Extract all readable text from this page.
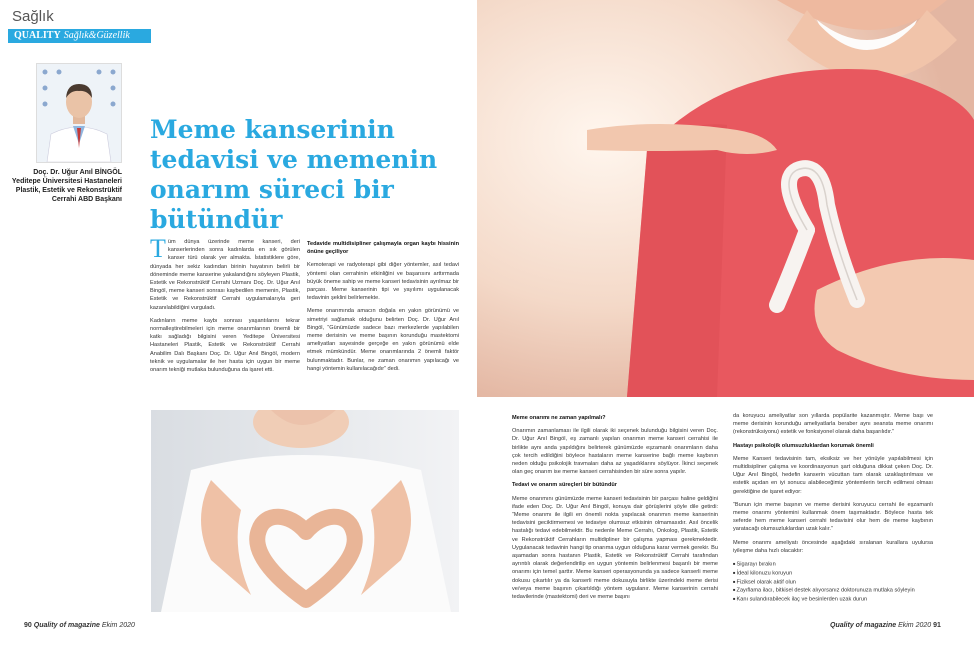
Sağlık
QUALITY Sağlık&Güzellik
Doç. Dr. Uğur Anıl BİNGÖL
Yeditepe Üniversitesi Hastaneleri Plastik, Estetik ve Rekonstrüktif Cerrahi ABD Başkanı
Meme kanserinin tedavisi ve memenin onarım süreci bir bütündür

Tüm dünya üzerinde meme kanseri, deri kanserlerinden sonra kadınlarda en sık görülen kanser türü olarak yer almakta. İstatistiklere göre, dünyada her sekiz kadından birinin hayatının belirli bir döneminde meme kanserine yakalandığını söyleyen Plastik, Estetik ve Rekonstrüktif Cerrahi Uzmanı Doç. Dr. Uğur Anıl Bingöl, meme kanseri sonrası kaybedilen memenin, Plastik, Estetik ve Rekonstrüktif Cerrahi uygulamalarıyla geri kazanılabildiğini vurguladı.

Kadınların meme kaybı sonrası yaşantılarını tekrar normalleştirebilmeleri için meme onarımlarının önemli bir katkı sağladığı bilgisini veren Yeditepe Üniversitesi Hastaneleri Plastik, Estetik ve Rekonstrüktif Cerrahi Anabilim Dalı Başkanı Doç. Dr. Uğur Anıl Bingöl, modern teknik ve uygulamalar ile her hasta için uygun bir meme onarım tekniği mutlaka bulunduğuna da işaret etti.

Tedavide multidisipliner çalışmayla organ kaybı hissinin önüne geçiliyor

Kemoterapi ve radyoterapi gibi diğer yöntemler, asıl tedavi yöntemi olan cerrahinin etkinliğini ve başarısını arttırmada büyük öneme sahip ve meme kanseri tedavisinin ayrılmaz bir parçası. Meme kanserinin tipi ve yayılımı uygulanacak tedavinin şeklini belirlemekte.

Meme onarımında amacın doğala en yakın görünümü ve simetriyi sağlamak olduğunu belirten Doç. Dr. Uğur Anıl Bingöl, “Günümüzde sadece bazı merkezlerde yapılabilen meme derisinin ve meme başının korunduğu mastektomi ameliyatları sayesinde gerçeğe en yakın görünümü elde etmek mümkündür. Meme onarımlarında 2 önemli faktör bulunmaktadır. Bunlar, ne zaman onarımın yapılacağı ve hangi yöntemin kullanılacağıdır” dedi.

Meme onarımı ne zaman yapılmalı?

Onarımın zamanlaması ile ilgili olarak iki seçenek bulunduğu bilgisini veren Doç. Dr. Uğur Anıl Bingöl, eş zamanlı yapılan onarımın meme kanseri cerrahisi ile birlikte aynı anda yapıldığını belirterek günümüzde eşzamanlı onarımların daha çok tercih edildiğini böylece hastaların meme kanserine bağlı meme kaybının neden olduğu psikolojik travmaları daha az yaşadıklarını söylüyor. İkinci seçenek olan geç onarım ise meme kanseri cerrahisinden bir süre sonra yapılır.

Tedavi ve onarım süreçleri bir bütündür

Meme onarımını günümüzde meme kanseri tedavisinin bir parçası haline geldiğini ifade eden Doç. Dr. Uğur Anıl Bingöl, konuya dair görüşlerini şöyle dile getirdi: “Meme onarımı ile ilgili en önemli nokta yapılacak onarımın meme kanserinin tedavisini geciktirmemesi ve tedaviye olumsuz etkisinin olmamasıdır. Asıl öncelik hastalığı tedavi edebilmektir. Bu nedenle Meme Cerrahı, Onkolog, Plastik, Estetik ve Rekonstrüktif Cerrahların multidipliner bir çalışma yapması gerekmektedir. Uygulanacak tedavinin hangi tip onarıma uygun olduğuna karar vermek gerekir. Bu aşamadan sonra hastanın Plastik, Estetik ve Rekonstrüktif Cerrahi tarafından ayrıntılı olarak değerlendirilip en uygun yöntemin belirlenmesi başarılı bir meme onarımı için temel şarttır. Meme kanseri operasyonunda ya sadece kanserli meme dokusu çıkartılır ya da kanserli meme dokusuyla birlikte üzerindeki meme derisi ve/veya meme başının çıkartıldığı yöntem uygulanır. Meme kanserinin cerrahi tedavilerinde (mastektomi) deri ve meme başını

da koruyucu ameliyatlar son yıllarda popülarite kazanmıştır. Meme başı ve meme derisinin korunduğu ameliyatlarla beraber aynı seansta meme onarımı (rekonstrüksiyonu) estetik ve fonksiyonel olarak daha başarılıdır.”

Hastayı psikolojik olumsuzluklardan korumak önemli

Meme Kanseri tedavisinin tam, eksiksiz ve her yönüyle yapılabilmesi için multidisipliner çalışma ve koordinasyonun şart olduğuna dikkat çeken Doç. Dr. Uğur Anıl Bingöl, hedefin kanserin vücuttan tam olarak uzaklaştırılması ve estetik açıdan en iyi sonucu alabileceğimiz yöntemlerin tercih edilmesi olması gerektiğine de işaret ediyor:

“Bunun için meme başının ve meme derisini koruyucu cerrahi ile eşzamanlı meme onarımı yöntemini kullanmak önem taşımaktadır. Böylece hasta tek seferde hem meme kanseri cerrahi tedavisini olur hem de meme kaybının yaratacağı olumsuzluklardan uzak kalır.”

Meme onarımı ameliyatı öncesinde aşağıdaki sıralanan kurallara uyulursa iyileşme daha hızlı olacaktır:

■ Sigarayı bırakın
■ İdeal kilonuzu koruyun
■ Fiziksel olarak aktif olun
■ Zayıflama ilacı, bitkisel destek alıyorsanız doktorunuza mutlaka söyleyin
■ Kanı sulandırabilecek ilaç ve besinlerden uzak durun
90 Quality of magazine Ekim 2020	Quality of magazine Ekim 2020 91
